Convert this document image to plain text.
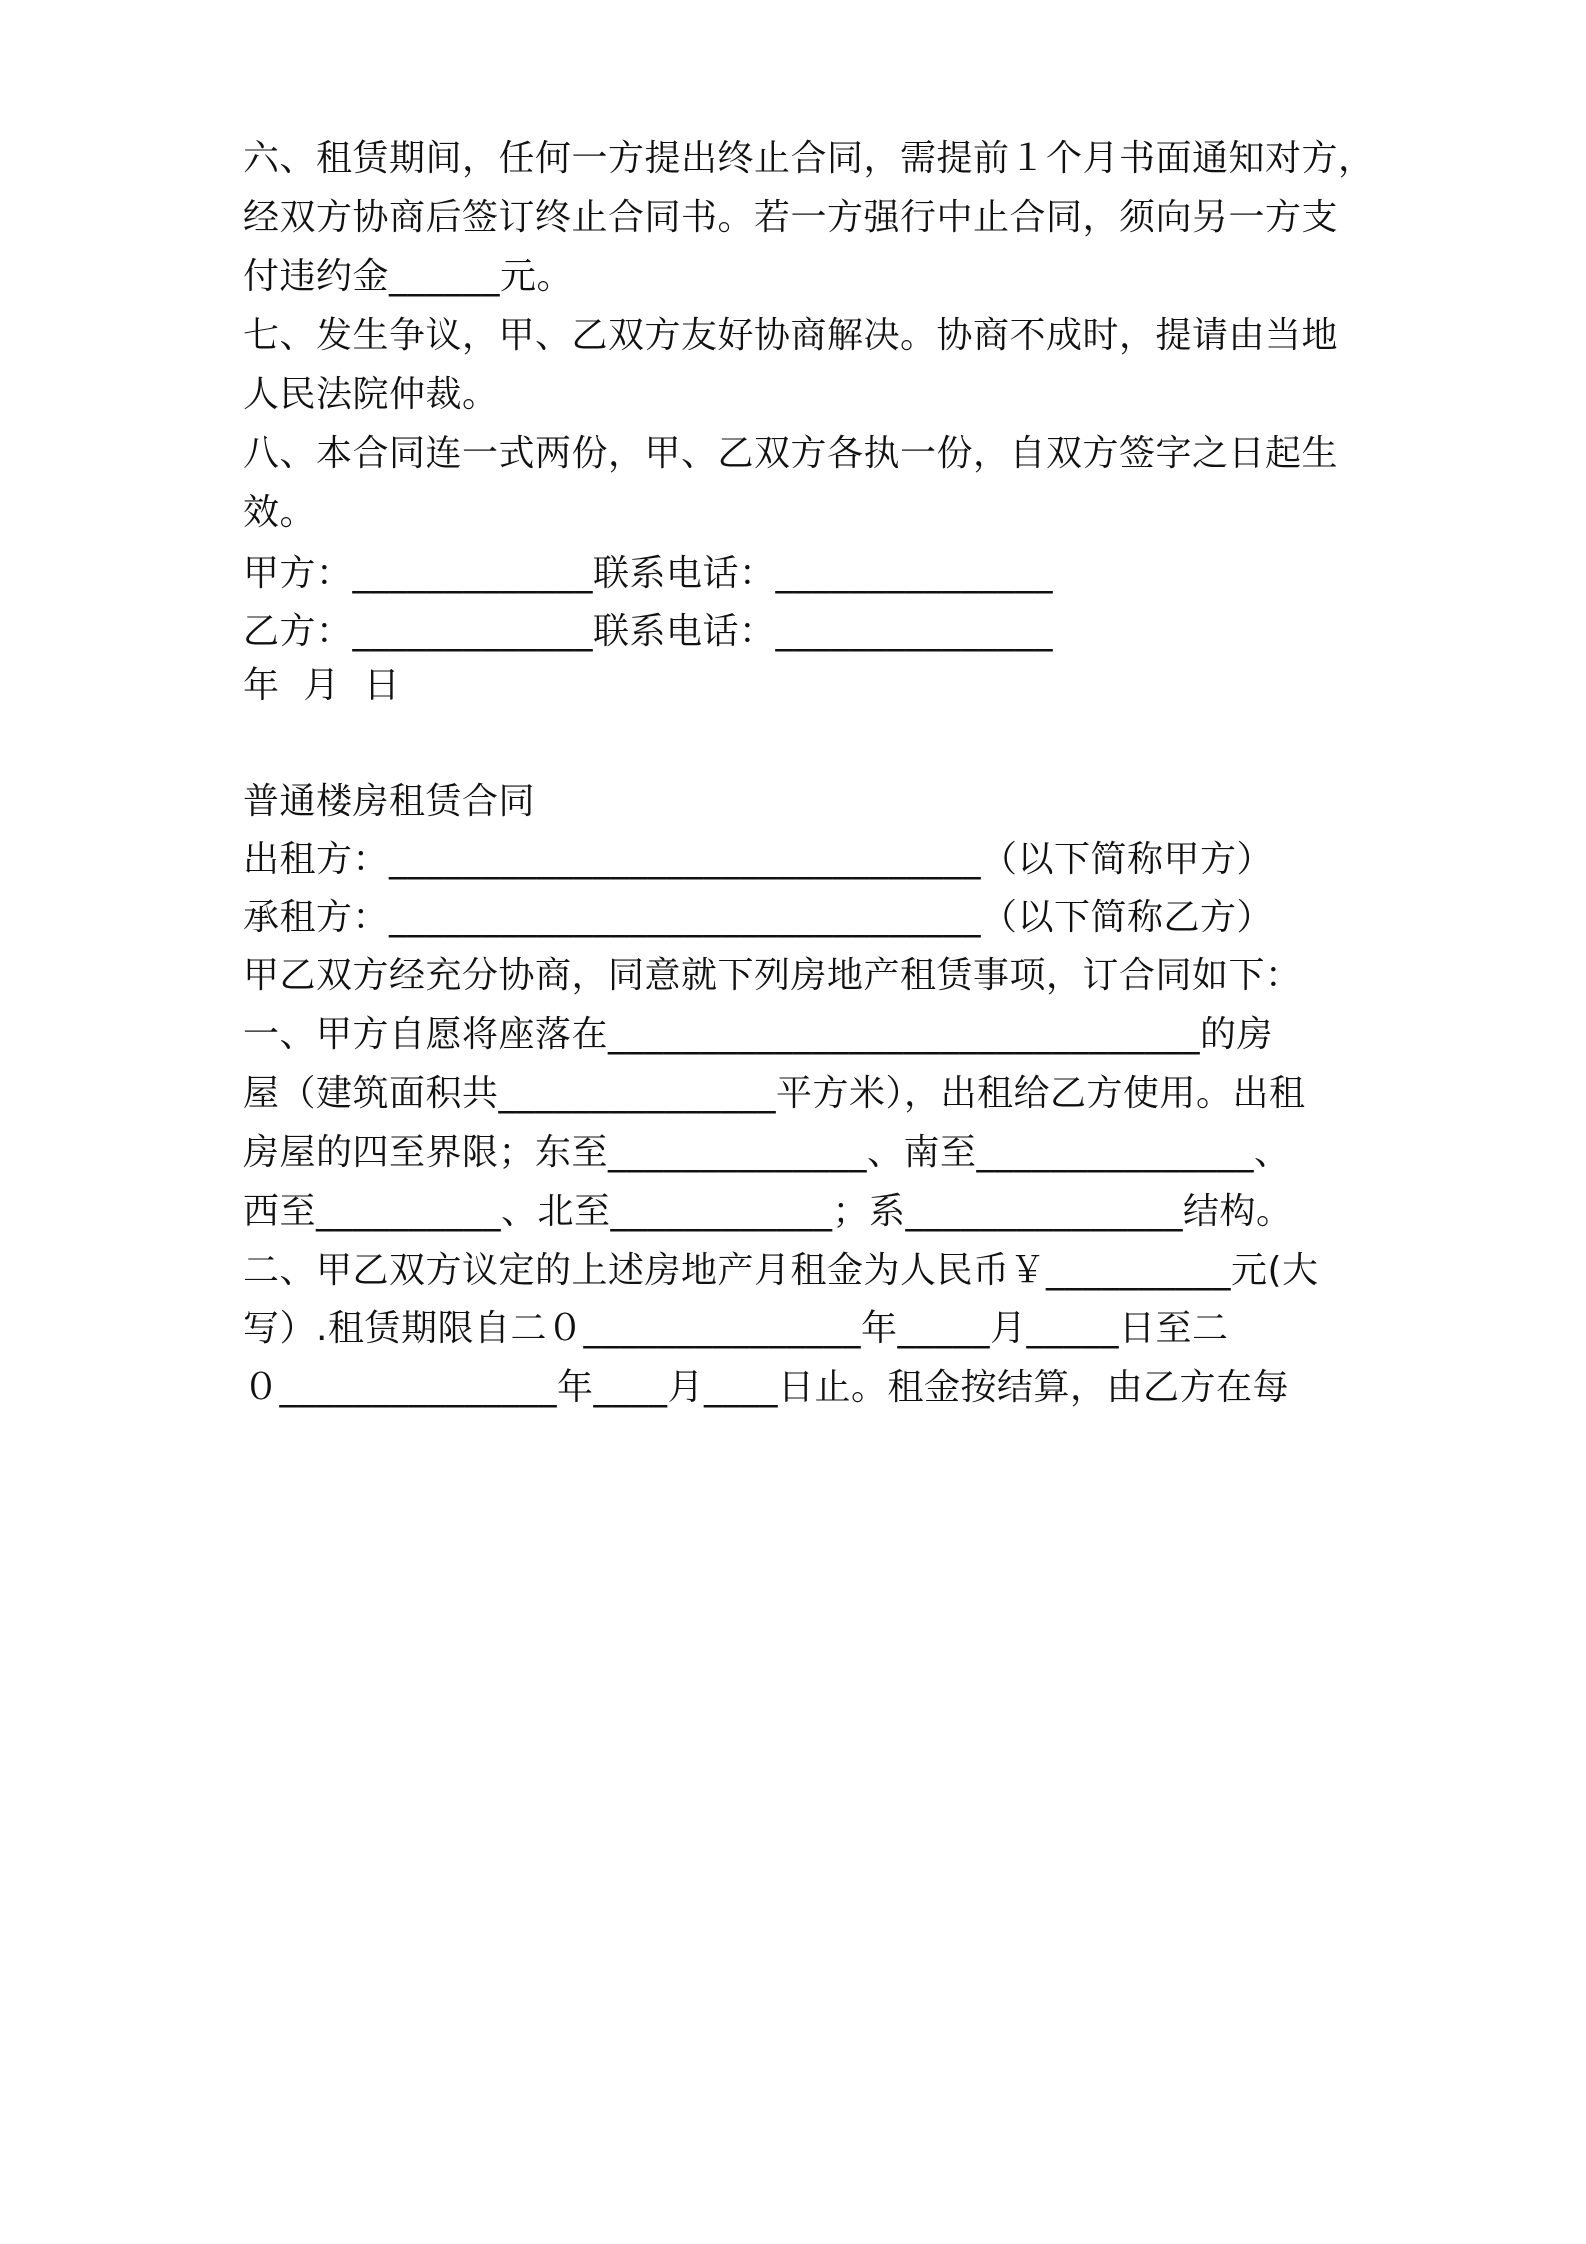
六、租赁期间，任何一方提出终止合同，需提前１个月书面通知对方，
经双方协商后签订终止合同书。若一方强行中止合同，须向另一方支
付违约金______元。
七、发生争议，甲、乙双方友好协商解决。协商不成时，提请由当地
人民法院仲裁。
八、本合同连一式两份，甲、乙双方各执一份，自双方签字之日起生
效。
甲方：_____________联系电话：_______________
乙方：_____________联系电话：_______________
年  月  日
普通楼房租赁合同
出租方：________________________________（以下简称甲方）
承租方：________________________________（以下简称乙方）
甲乙双方经充分协商，同意就下列房地产租赁事项，订合同如下：
一、甲方自愿将座落在________________________________的房
屋（建筑面积共_______________平方米），出租给乙方使用。出租
房屋的四至界限；东至______________、南至_______________、
西至__________、北至____________；系_______________结构。
二、甲乙双方议定的上述房地产月租金为人民币￥__________元(大
写）.租赁期限自二０_______________年_____月_____日至二
０_______________年____月____日止。租金按结算，由乙方在每
